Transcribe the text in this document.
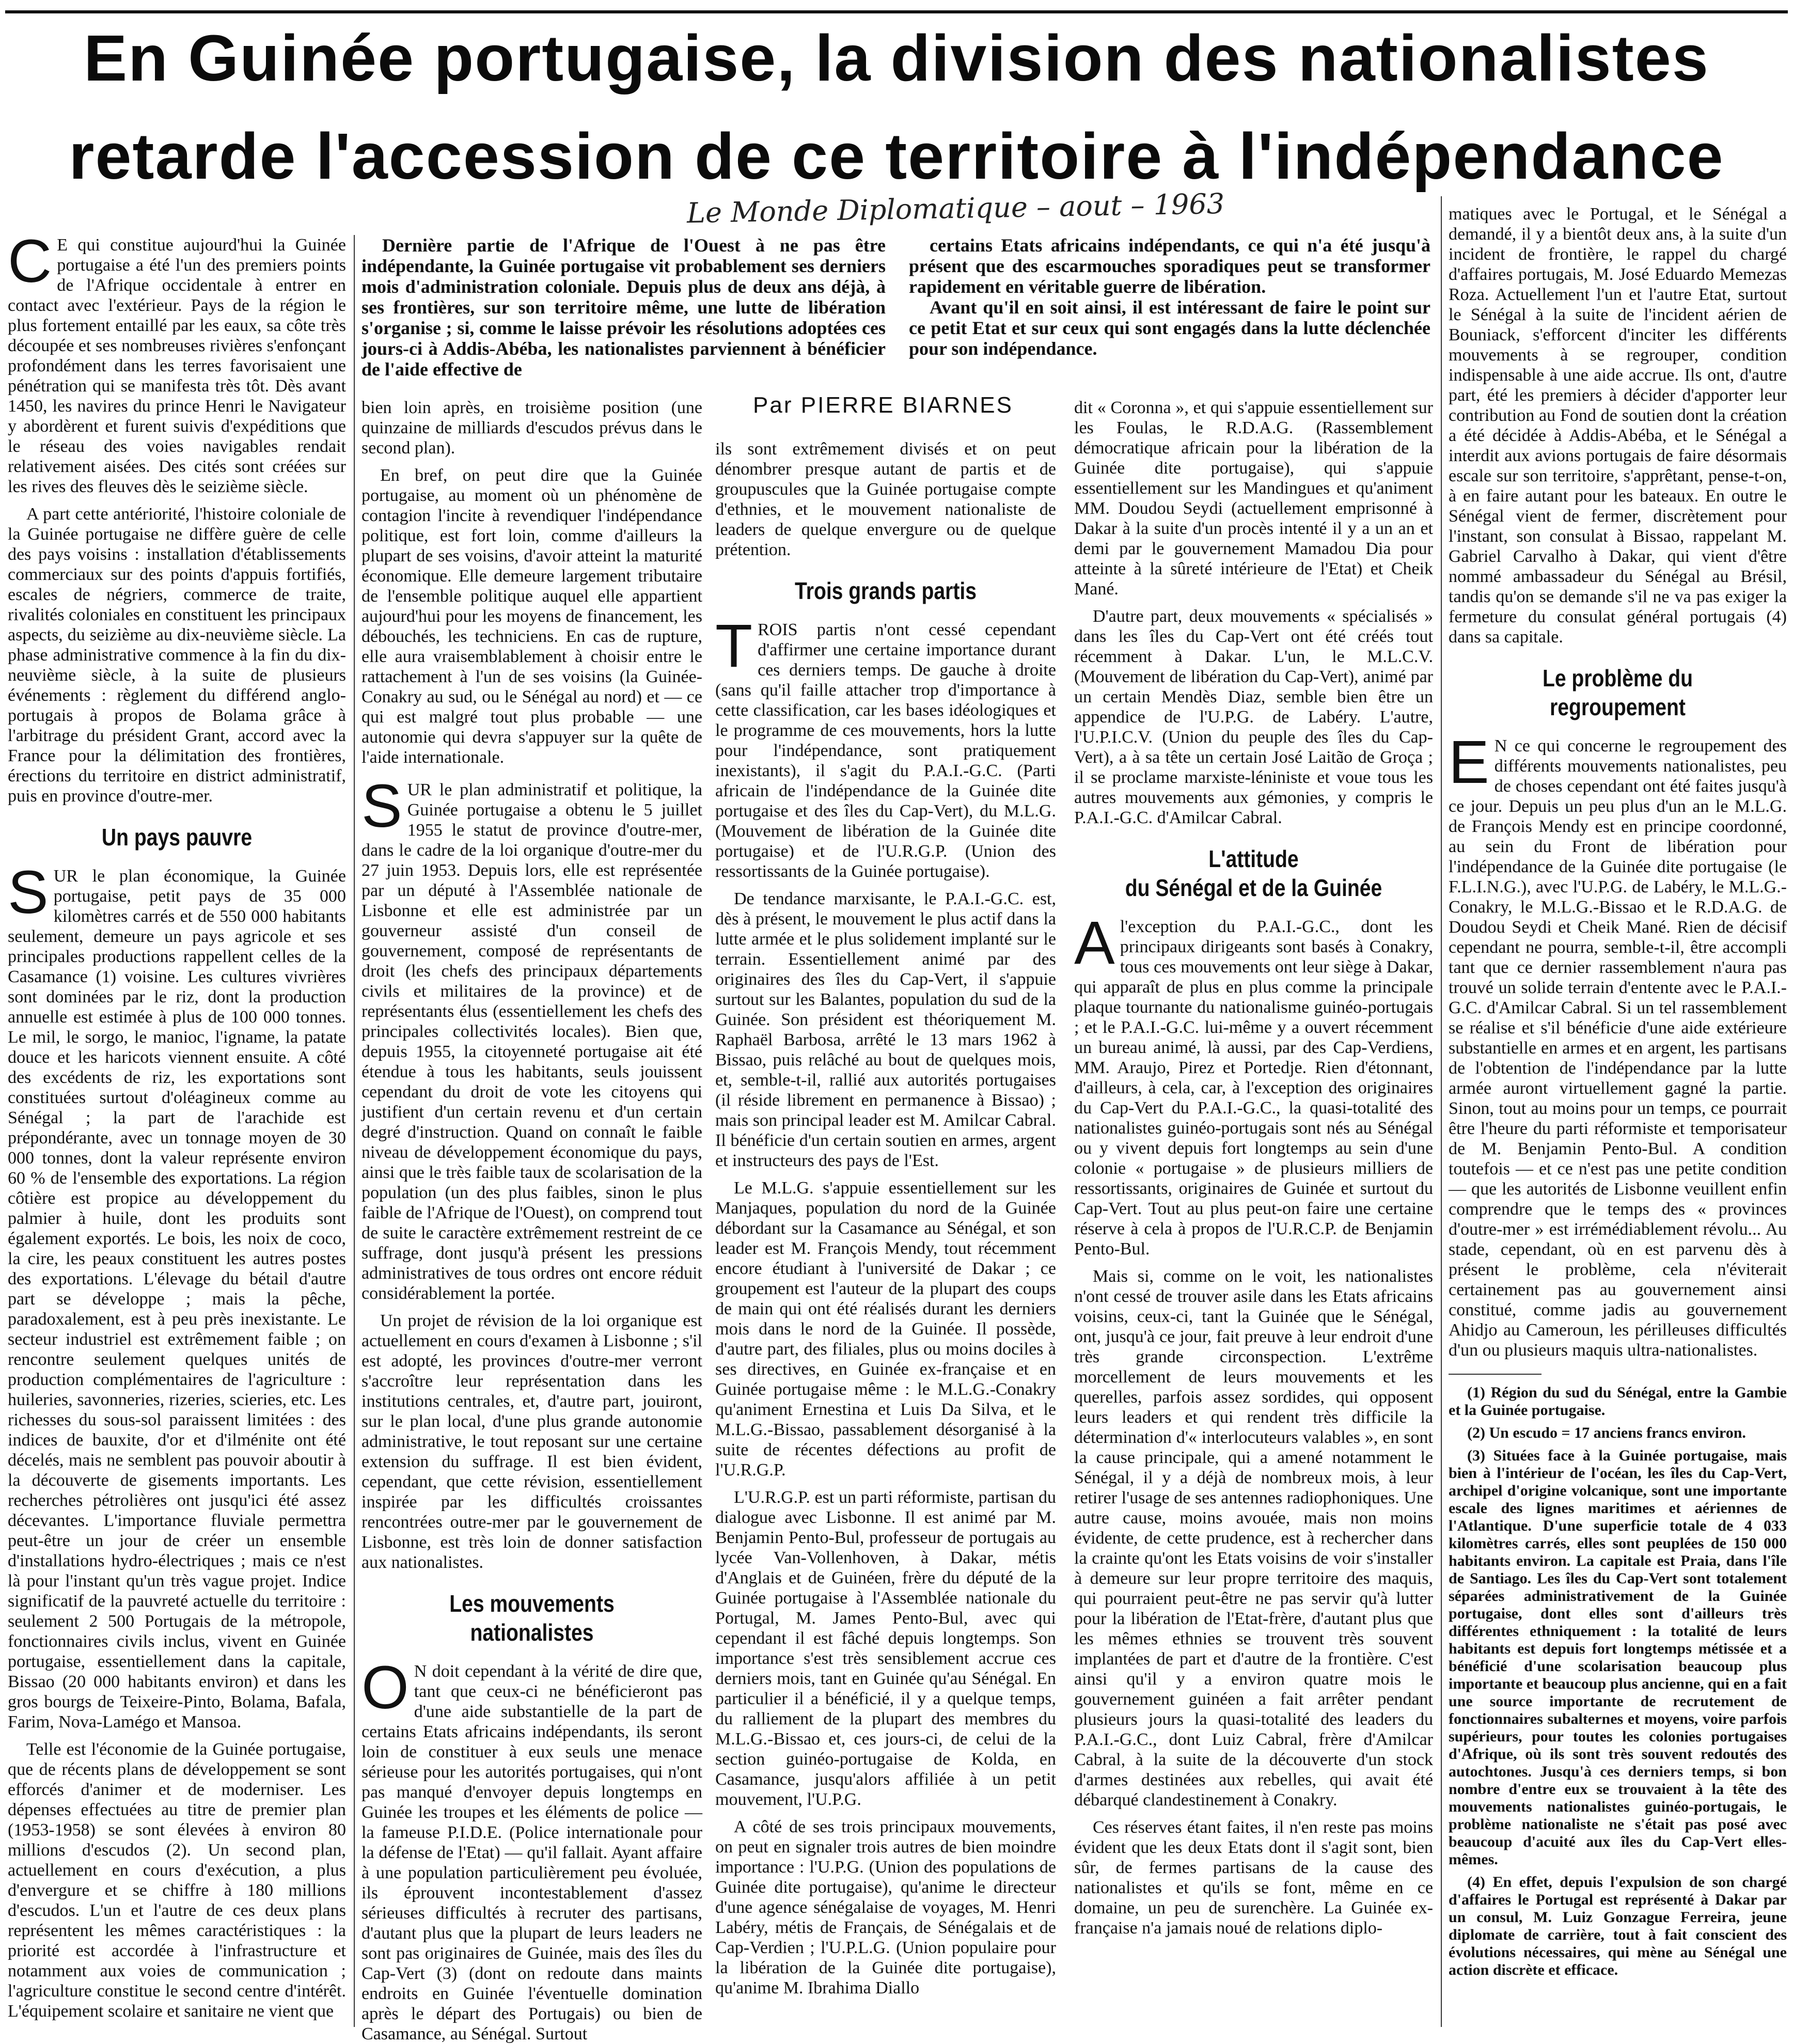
En Guinée portugaise, la division des nationalistes
retarde l'accession de ce territoire à l'indépendance
Le Monde Diplomatique – aout – 1963

Dernière partie de l'Afrique de l'Ouest à ne pas être indépendante, la Guinée portugaise vit probablement ses derniers mois d'administration coloniale. Depuis plus de deux ans déjà, à ses frontières, sur son territoire même, une lutte de libération s'organise ; si, comme le laisse prévoir les résolutions adoptées ces jours-ci à Addis-Abéba, les nationalistes parviennent à bénéficier de l'aide effective de

certains Etats africains indépendants, ce qui n'a été jusqu'à présent que des escarmouches sporadiques peut se transformer rapidement en véritable guerre de libération.

Avant qu'il en soit ainsi, il est intéressant de faire le point sur ce petit Etat et sur ceux qui sont engagés dans la lutte déclenchée pour son indépendance.

Par PIERRE BIARNES

C E qui constitue aujourd'hui la Guinée portugaise a été l'un des premiers points de l'Afrique occidentale à entrer en contact avec l'extérieur. Pays de la région le plus fortement entaillé par les eaux, sa côte très découpée et ses nombreuses rivières s'enfonçant profondément dans les terres favorisaient une pénétration qui se manifesta très tôt. Dès avant 1450, les navires du prince Henri le Navigateur y abordèrent et furent suivis d'expéditions que le réseau des voies navigables rendait relativement aisées. Des cités sont créées sur les rives des fleuves dès le seizième siècle.

A part cette antériorité, l'histoire coloniale de la Guinée portugaise ne diffère guère de celle des pays voisins : installation d'établissements commerciaux sur des points d'appuis fortifiés, escales de négriers, commerce de traite, rivalités coloniales en constituent les principaux aspects, du seizième au dix-neuvième siècle. La phase administrative commence à la fin du dix-neuvième siècle, à la suite de plusieurs événements : règlement du différend anglo-portugais à propos de Bolama grâce à l'arbitrage du président Grant, accord avec la France pour la délimitation des frontières, érections du territoire en district administratif, puis en province d'outre-mer.

Un pays pauvre

SUR le plan économique, la Guinée portugaise, petit pays de 35 000 kilomètres carrés et de 550 000 habitants seulement, demeure un pays agricole et ses principales productions rappellent celles de la Casamance (1) voisine. Les cultures vivrières sont dominées par le riz, dont la production annuelle est estimée à plus de 100 000 tonnes. Le mil, le sorgo, le manioc, l'igname, la patate douce et les haricots viennent ensuite. A côté des excédents de riz, les exportations sont constituées surtout d'oléagineux comme au Sénégal ; la part de l'arachide est prépondérante, avec un tonnage moyen de 30 000 tonnes, dont la valeur représente environ 60 % de l'ensemble des exportations. La région côtière est propice au développement du palmier à huile, dont les produits sont également exportés. Le bois, les noix de coco, la cire, les peaux constituent les autres postes des exportations. L'élevage du bétail d'autre part se développe ; mais la pêche, paradoxalement, est à peu près inexistante. Le secteur industriel est extrêmement faible ; on rencontre seulement quelques unités de production complémentaires de l'agriculture : huileries, savonneries, rizeries, scieries, etc. Les richesses du sous-sol paraissent limitées : des indices de bauxite, d'or et d'ilménite ont été décelés, mais ne semblent pas pouvoir aboutir à la découverte de gisements importants. Les recherches pétrolières ont jusqu'ici été assez décevantes. L'importance fluviale permettra peut-être un jour de créer un ensemble d'installations hydro-électriques ; mais ce n'est là pour l'instant qu'un très vague projet. Indice significatif de la pauvreté actuelle du territoire : seulement 2 500 Portugais de la métropole, fonctionnaires civils inclus, vivent en Guinée portugaise, essentiellement dans la capitale, Bissao (20 000 habitants environ) et dans les gros bourgs de Teixeire-Pinto, Bolama, Bafala, Farim, Nova-Lamégo et Mansoa.

Telle est l'économie de la Guinée portugaise, que de récents plans de développement se sont efforcés d'animer et de moderniser. Les dépenses effectuées au titre de premier plan (1953-1958) se sont élevées à environ 80 millions d'escudos (2). Un second plan, actuellement en cours d'exécution, a plus d'envergure et se chiffre à 180 millions d'escudos. L'un et l'autre de ces deux plans représentent les mêmes caractéristiques : la priorité est accordée à l'infrastructure et notamment aux voies de communication ; l'agriculture constitue le second centre d'intérêt. L'équipement scolaire et sanitaire ne vient que

bien loin après, en troisième position (une quinzaine de milliards d'escudos prévus dans le second plan).

En bref, on peut dire que la Guinée portugaise, au moment où un phénomène de contagion l'incite à revendiquer l'indépendance politique, est fort loin, comme d'ailleurs la plupart de ses voisins, d'avoir atteint la maturité économique. Elle demeure largement tributaire de l'ensemble politique auquel elle appartient aujourd'hui pour les moyens de financement, les débouchés, les techniciens. En cas de rupture, elle aura vraisemblablement à choisir entre le rattachement à l'un de ses voisins (la Guinée-Conakry au sud, ou le Sénégal au nord) et — ce qui est malgré tout plus probable — une autonomie qui devra s'appuyer sur la quête de l'aide internationale.

SUR le plan administratif et politique, la Guinée portugaise a obtenu le 5 juillet 1955 le statut de province d'outre-mer, dans le cadre de la loi organique d'outre-mer du 27 juin 1953. Depuis lors, elle est représentée par un député à l'Assemblée nationale de Lisbonne et elle est administrée par un gouverneur assisté d'un conseil de gouvernement, composé de représentants de droit (les chefs des principaux départements civils et militaires de la province) et de représentants élus (essentiellement les chefs des principales collectivités locales). Bien que, depuis 1955, la citoyenneté portugaise ait été étendue à tous les habitants, seuls jouissent cependant du droit de vote les citoyens qui justifient d'un certain revenu et d'un certain degré d'instruction. Quand on connaît le faible niveau de développement économique du pays, ainsi que le très faible taux de scolarisation de la population (un des plus faibles, sinon le plus faible de l'Afrique de l'Ouest), on comprend tout de suite le caractère extrêmement restreint de ce suffrage, dont jusqu'à présent les pressions administratives de tous ordres ont encore réduit considérablement la portée.

Un projet de révision de la loi organique est actuellement en cours d'examen à Lisbonne ; s'il est adopté, les provinces d'outre-mer verront s'accroître leur représentation dans les institutions centrales, et, d'autre part, jouiront, sur le plan local, d'une plus grande autonomie administrative, le tout reposant sur une certaine extension du suffrage. Il est bien évident, cependant, que cette révision, essentiellement inspirée par les difficultés croissantes rencontrées outre-mer par le gouvernement de Lisbonne, est très loin de donner satisfaction aux nationalistes.

Les mouvements nationalistes

O N doit cependant à la vérité de dire que, tant que ceux-ci ne bénéficieront pas d'une aide substantielle de la part de certains Etats africains indépendants, ils seront loin de constituer à eux seuls une menace sérieuse pour les autorités portugaises, qui n'ont pas manqué d'envoyer depuis longtemps en Guinée les troupes et les éléments de police — la fameuse P.I.D.E. (Police internationale pour la défense de l'Etat) — qu'il fallait. Ayant affaire à une population particulièrement peu évoluée, ils éprouvent incontestablement d'assez sérieuses difficultés à recruter des partisans, d'autant plus que la plupart de leurs leaders ne sont pas originaires de Guinée, mais des îles du Cap-Vert (3) (dont on redoute dans maints endroits en Guinée l'éventuelle domination après le départ des Portugais) ou bien de Casamance, au Sénégal. Surtout

ils sont extrêmement divisés et on peut dénombrer presque autant de partis et de groupuscules que la Guinée portugaise compte d'ethnies, et le mouvement nationaliste de leaders de quelque envergure ou de quelque prétention.

Trois grands partis

TROIS partis n'ont cessé cependant d'affirmer une certaine importance durant ces derniers temps. De gauche à droite (sans qu'il faille attacher trop d'importance à cette classification, car les bases idéologiques et le programme de ces mouvements, hors la lutte pour l'indépendance, sont pratiquement inexistants), il s'agit du P.A.I.-G.C. (Parti africain de l'indépendance de la Guinée dite portugaise et des îles du Cap-Vert), du M.L.G. (Mouvement de libération de la Guinée dite portugaise) et de l'U.R.G.P. (Union des ressortissants de la Guinée portugaise).

De tendance marxisante, le P.A.I.-G.C. est, dès à présent, le mouvement le plus actif dans la lutte armée et le plus solidement implanté sur le terrain. Essentiellement animé par des originaires des îles du Cap-Vert, il s'appuie surtout sur les Balantes, population du sud de la Guinée. Son président est théoriquement M. Raphaël Barbosa, arrêté le 13 mars 1962 à Bissao, puis relâché au bout de quelques mois, et, semble-t-il, rallié aux autorités portugaises (il réside librement en permanence à Bissao) ; mais son principal leader est M. Amilcar Cabral. Il bénéficie d'un certain soutien en armes, argent et instructeurs des pays de l'Est.

Le M.L.G. s'appuie essentiellement sur les Manjaques, population du nord de la Guinée débordant sur la Casamance au Sénégal, et son leader est M. François Mendy, tout récemment encore étudiant à l'université de Dakar ; ce groupement est l'auteur de la plupart des coups de main qui ont été réalisés durant les derniers mois dans le nord de la Guinée. Il possède, d'autre part, des filiales, plus ou moins dociles à ses directives, en Guinée ex-française et en Guinée portugaise même : le M.L.G.-Conakry qu'animent Ernestina et Luis Da Silva, et le M.L.G.-Bissao, passablement désorganisé à la suite de récentes défections au profit de l'U.R.G.P.

L'U.R.G.P. est un parti réformiste, partisan du dialogue avec Lisbonne. Il est animé par M. Benjamin Pento-Bul, professeur de portugais au lycée Van-Vollenhoven, à Dakar, métis d'Anglais et de Guinéen, frère du député de la Guinée portugaise à l'Assemblée nationale du Portugal, M. James Pento-Bul, avec qui cependant il est fâché depuis longtemps. Son importance s'est très sensiblement accrue ces derniers mois, tant en Guinée qu'au Sénégal. En particulier il a bénéficié, il y a quelque temps, du ralliement de la plupart des membres du M.L.G.-Bissao et, ces jours-ci, de celui de la section guinéo-portugaise de Kolda, en Casamance, jusqu'alors affiliée à un petit mouvement, l'U.P.G.

A côté de ses trois principaux mouvements, on peut en signaler trois autres de bien moindre importance : l'U.P.G. (Union des populations de Guinée dite portugaise), qu'anime le directeur d'une agence sénégalaise de voyages, M. Henri Labéry, métis de Français, de Sénégalais et de Cap-Verdien ; l'U.P.L.G. (Union populaire pour la libération de la Guinée dite portugaise), qu'anime M. Ibrahima Diallo

dit « Coronna », et qui s'appuie essentiellement sur les Foulas, le R.D.A.G. (Rassemblement démocratique africain pour la libération de la Guinée dite portugaise), qui s'appuie essentiellement sur les Mandingues et qu'animent MM. Doudou Seydi (actuellement emprisonné à Dakar à la suite d'un procès intenté il y a un an et demi par le gouvernement Mamadou Dia pour atteinte à la sûreté intérieure de l'Etat) et Cheik Mané.

D'autre part, deux mouvements « spécialisés » dans les îles du Cap-Vert ont été créés tout récemment à Dakar. L'un, le M.L.C.V. (Mouvement de libération du Cap-Vert), animé par un certain Mendès Diaz, semble bien être un appendice de l'U.P.G. de Labéry. L'autre, l'U.P.I.C.V. (Union du peuple des îles du Cap-Vert), a à sa tête un certain José Laitão de Groça ; il se proclame marxiste-léniniste et voue tous les autres mouvements aux gémonies, y compris le P.A.I.-G.C. d'Amilcar Cabral.

L'attitude
du Sénégal et de la Guinée

Al'exception du P.A.I.-G.C., dont les principaux dirigeants sont basés à Conakry, tous ces mouvements ont leur siège à Dakar, qui apparaît de plus en plus comme la principale plaque tournante du nationalisme guinéo-portugais ; et le P.A.I.-G.C. lui-même y a ouvert récemment un bureau animé, là aussi, par des Cap-Verdiens, MM. Araujo, Pirez et Portedje. Rien d'étonnant, d'ailleurs, à cela, car, à l'exception des originaires du Cap-Vert du P.A.I.-G.C., la quasi-totalité des nationalistes guinéo-portugais sont nés au Sénégal ou y vivent depuis fort longtemps au sein d'une colonie « portugaise » de plusieurs milliers de ressortissants, originaires de Guinée et surtout du Cap-Vert. Tout au plus peut-on faire une certaine réserve à cela à propos de l'U.R.C.P. de Benjamin Pento-Bul.

Mais si, comme on le voit, les nationalistes n'ont cessé de trouver asile dans les Etats africains voisins, ceux-ci, tant la Guinée que le Sénégal, ont, jusqu'à ce jour, fait preuve à leur endroit d'une très grande circonspection. L'extrême morcellement de leurs mouvements et les querelles, parfois assez sordides, qui opposent leurs leaders et qui rendent très difficile la détermination d'« interlocuteurs valables », en sont la cause principale, qui a amené notamment le Sénégal, il y a déjà de nombreux mois, à leur retirer l'usage de ses antennes radiophoniques. Une autre cause, moins avouée, mais non moins évidente, de cette prudence, est à rechercher dans la crainte qu'ont les Etats voisins de voir s'installer à demeure sur leur propre territoire des maquis, qui pourraient peut-être ne pas servir qu'à lutter pour la libération de l'Etat-frère, d'autant plus que les mêmes ethnies se trouvent très souvent implantées de part et d'autre de la frontière. C'est ainsi qu'il y a environ quatre mois le gouvernement guinéen a fait arrêter pendant plusieurs jours la quasi-totalité des leaders du P.A.I.-G.C., dont Luiz Cabral, frère d'Amilcar Cabral, à la suite de la découverte d'un stock d'armes destinées aux rebelles, qui avait été débarqué clandestinement à Conakry.

Ces réserves étant faites, il n'en reste pas moins évident que les deux Etats dont il s'agit sont, bien sûr, de fermes partisans de la cause des nationalistes et qu'ils se font, même en ce domaine, un peu de surenchère. La Guinée ex-française n'a jamais noué de relations diplo-

matiques avec le Portugal, et le Sénégal a demandé, il y a bientôt deux ans, à la suite d'un incident de frontière, le rappel du chargé d'affaires portugais, M. José Eduardo Memezas Roza. Actuellement l'un et l'autre Etat, surtout le Sénégal à la suite de l'incident aérien de Bouniack, s'efforcent d'inciter les différents mouvements à se regrouper, condition indispensable à une aide accrue. Ils ont, d'autre part, été les premiers à décider d'apporter leur contribution au Fond de soutien dont la création a été décidée à Addis-Abéba, et le Sénégal a interdit aux avions portugais de faire désormais escale sur son territoire, s'apprêtant, pense-t-on, à en faire autant pour les bateaux. En outre le Sénégal vient de fermer, discrètement pour l'instant, son consulat à Bissao, rappelant M. Gabriel Carvalho à Dakar, qui vient d'être nommé ambassadeur du Sénégal au Brésil, tandis qu'on se demande s'il ne va pas exiger la fermeture du consulat général portugais (4) dans sa capitale.

Le problème du regroupement

E N ce qui concerne le regroupement des différents mouvements nationalistes, peu de choses cependant ont été faites jusqu'à ce jour. Depuis un peu plus d'un an le M.L.G. de François Mendy est en principe coordonné, au sein du Front de libération pour l'indépendance de la Guinée dite portugaise (le F.L.I.N.G.), avec l'U.P.G. de Labéry, le M.L.G.-Conakry, le M.L.G.-Bissao et le R.D.A.G. de Doudou Seydi et Cheik Mané. Rien de décisif cependant ne pourra, semble-t-il, être accompli tant que ce dernier rassemblement n'aura pas trouvé un solide terrain d'entente avec le P.A.I.-G.C. d'Amilcar Cabral. Si un tel rassemblement se réalise et s'il bénéficie d'une aide extérieure substantielle en armes et en argent, les partisans de l'obtention de l'indépendance par la lutte armée auront virtuellement gagné la partie. Sinon, tout au moins pour un temps, ce pourrait être l'heure du parti réformiste et temporisateur de M. Benjamin Pento-Bul. A condition toutefois — et ce n'est pas une petite condition — que les autorités de Lisbonne veuillent enfin comprendre que le temps des « provinces d'outre-mer » est irrémédiablement révolu... Au stade, cependant, où en est parvenu dès à présent le problème, cela n'éviterait certainement pas au gouvernement ainsi constitué, comme jadis au gouvernement Ahidjo au Cameroun, les périlleuses difficultés d'un ou plusieurs maquis ultra-nationalistes.

(1) Région du sud du Sénégal, entre la Gambie et la Guinée portugaise.

(2) Un escudo = 17 anciens francs environ.

(3) Situées face à la Guinée portugaise, mais bien à l'intérieur de l'océan, les îles du Cap-Vert, archipel d'origine volcanique, sont une importante escale des lignes maritimes et aériennes de l'Atlantique. D'une superficie totale de 4 033 kilomètres carrés, elles sont peuplées de 150 000 habitants environ. La capitale est Praia, dans l'île de Santiago. Les îles du Cap-Vert sont totalement séparées administrativement de la Guinée portugaise, dont elles sont d'ailleurs très différentes ethniquement : la totalité de leurs habitants est depuis fort longtemps métissée et a bénéficié d'une scolarisation beaucoup plus importante et beaucoup plus ancienne, qui en a fait une source importante de recrutement de fonctionnaires subalternes et moyens, voire parfois supérieurs, pour toutes les colonies portugaises d'Afrique, où ils sont très souvent redoutés des autochtones. Jusqu'à ces derniers temps, si bon nombre d'entre eux se trouvaient à la tête des mouvements nationalistes guinéo-portugais, le problème nationaliste ne s'était pas posé avec beaucoup d'acuité aux îles du Cap-Vert elles-mêmes.

(4) En effet, depuis l'expulsion de son chargé d'affaires le Portugal est représenté à Dakar par un consul, M. Luiz Gonzague Ferreira, jeune diplomate de carrière, tout à fait conscient des évolutions nécessaires, qui mène au Sénégal une action discrète et efficace.
